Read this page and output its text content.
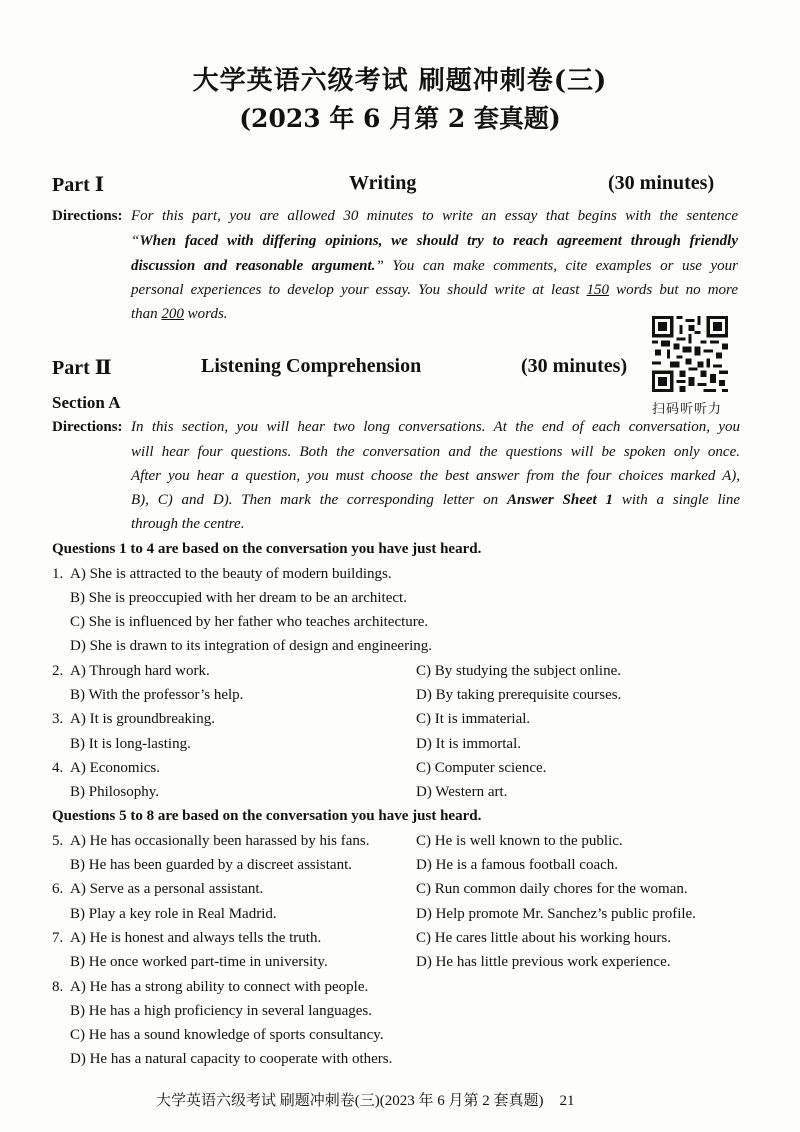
大学英语六级考试 刷题冲刺卷(三)
(2023 年 6 月第 2 套真题)
Part Ⅰ	Writing	(30 minutes)
Directions: For this part, you are allowed 30 minutes to write an essay that begins with the sentence
“When faced with differing opinions, we should try to reach agreement through friendly
discussion and reasonable argument.” You can make comments, cite examples or use your
personal experiences to develop your essay. You should write at least 150 words but no more
than 200 words.
Part Ⅱ	Listening Comprehension	(30 minutes)
扫码听听力
Section A
Directions: In this section, you will hear two long conversations. At the end of each conversation, you
will hear four questions. Both the conversation and the questions will be spoken only once.
After you hear a question, you must choose the best answer from the four choices marked A),
B), C) and D). Then mark the corresponding letter on Answer Sheet 1 with a single line
through the centre.
Questions 1 to 4 are based on the conversation you have just heard.
1. A) She is attracted to the beauty of modern buildings.
B) She is preoccupied with her dream to be an architect.
C) She is influenced by her father who teaches architecture.
D) She is drawn to its integration of design and engineering.
2. A) Through hard work.
B) With the professor’s help.
C) By studying the subject online.
D) By taking prerequisite courses.
3. A) It is groundbreaking.
B) It is long-lasting.
C) It is immaterial.
D) It is immortal.
4. A) Economics.
B) Philosophy.
C) Computer science.
D) Western art.
Questions 5 to 8 are based on the conversation you have just heard.
5. A) He has occasionally been harassed by his fans.
B) He has been guarded by a discreet assistant.
C) He is well known to the public.
D) He is a famous football coach.
6. A) Serve as a personal assistant.
B) Play a key role in Real Madrid.
C) Run common daily chores for the woman.
D) Help promote Mr. Sanchez’s public profile.
7. A) He is honest and always tells the truth.
B) He once worked part-time in university.
C) He cares little about his working hours.
D) He has little previous work experience.
8. A) He has a strong ability to connect with people.
B) He has a high proficiency in several languages.
C) He has a sound knowledge of sports consultancy.
D) He has a natural capacity to cooperate with others.
大学英语六级考试 刷题冲刺卷(三)(2023 年 6 月第 2 套真题) 21
